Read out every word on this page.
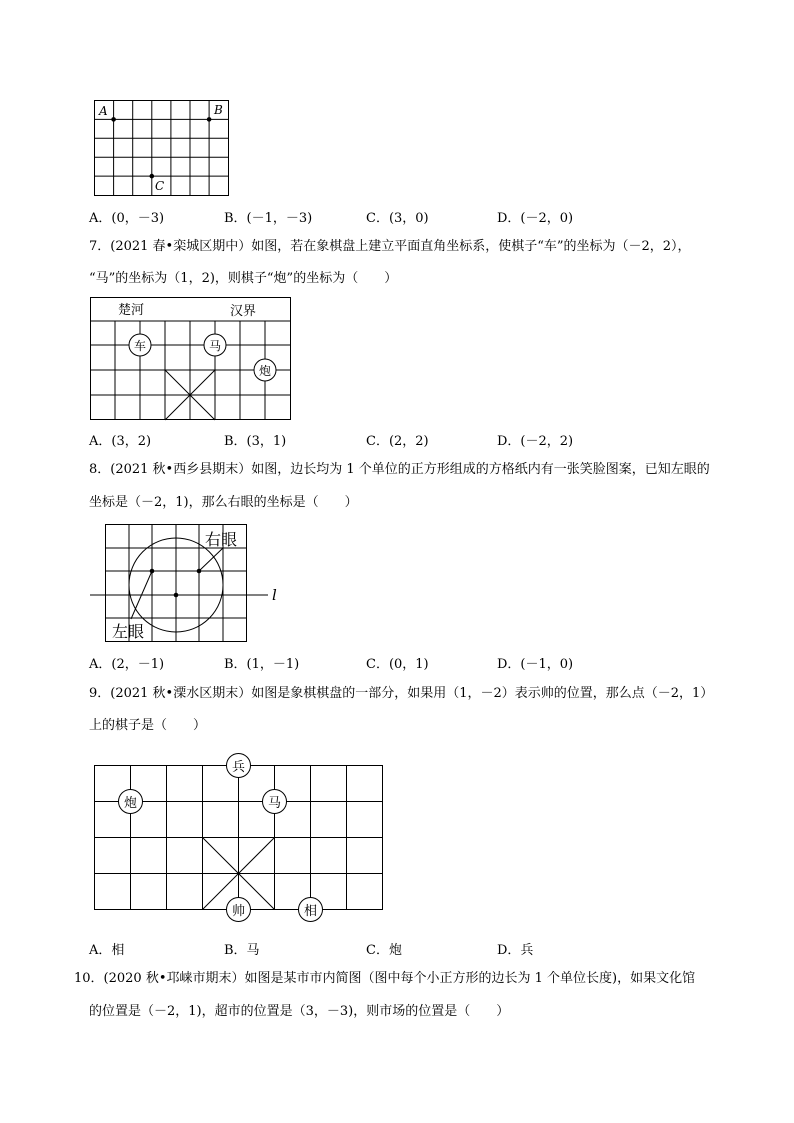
A	B
C
A．(0，－3)	B．(－1，－3)	C．(3，0)	D．(－2，0)
7．(2021 春•栾城区期中）如图，若在象棋盘上建立平面直角坐标系，使棋子“车”的坐标为（－2，2），
“马”的坐标为（1，2)，则棋子“炮”的坐标为（　　）
楚河	汉界
车	马
炮
A．(3，2)	B．(3，1)	C．(2，2)	D．(－2，2)
8．(2021 秋•西乡县期末）如图，边长均为 1 个单位的正方形组成的方格纸内有一张笑脸图案，已知左眼的
坐标是（－2，1)，那么右眼的坐标是（　　）
右眼
左眼
l
A．(2，－1)	B．(1，－1)	C．(0，1)	D．(－1，0)
9．(2021 秋•溧水区期末）如图是象棋棋盘的一部分，如果用（1，－2）表示帅的位置，那么点（－2，1）
上的棋子是（　　）
兵
炮	马
帅	相
A．相	B．马	C．炮	D．兵
10．(2020 秋•邛崃市期末）如图是某市市内简图（图中每个小正方形的边长为 1 个单位长度)，如果文化馆
的位置是（－2，1)，超市的位置是（3，－3)，则市场的位置是（　　）
